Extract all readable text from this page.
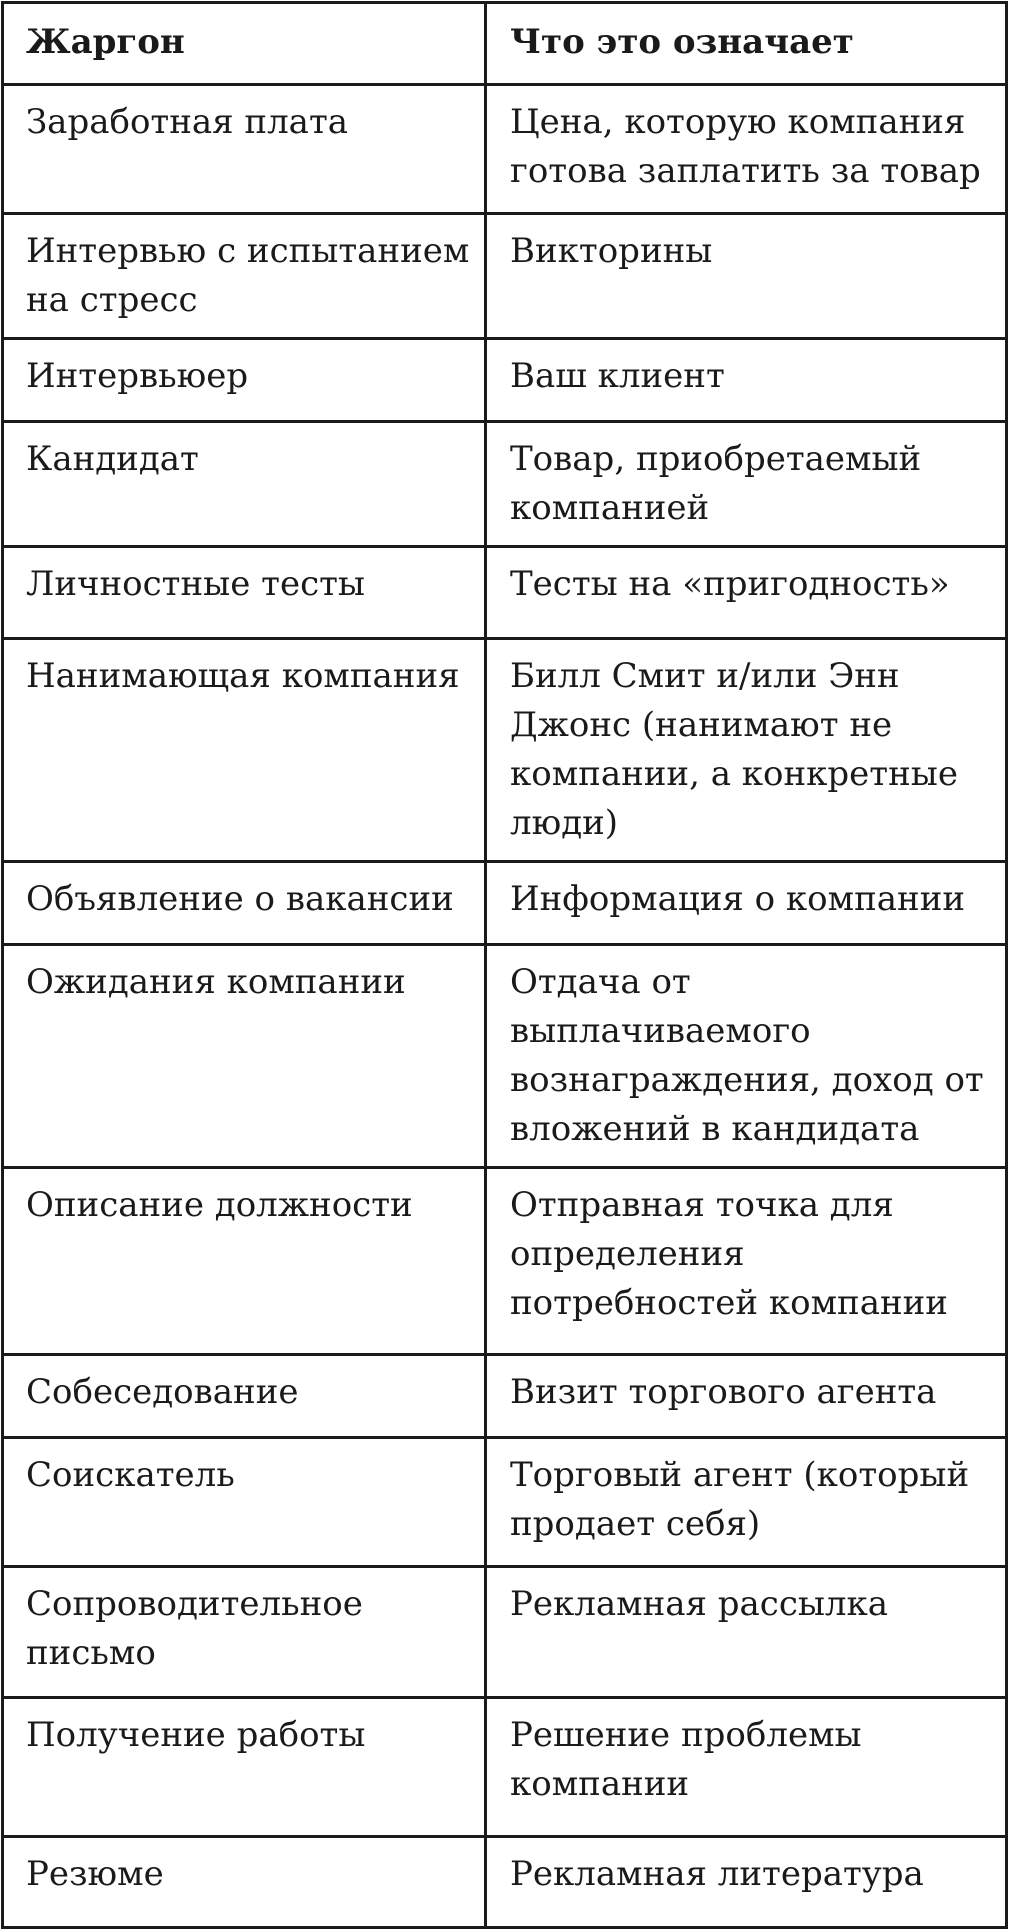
Жаргон	Что это означает
Заработная плата	Цена, которую компания готова заплатить за товар
Интервью с испытанием на стресс	Викторины
Интервьюер	Ваш клиент
Кандидат	Товар, приобретаемый компанией
Личностные тесты	Тесты на «пригодность»
Нанимающая компания	Билл Смит и/или Энн Джонс (нанимают не компании, а конкретные люди)
Объявление о вакансии	Информация о компании
Ожидания компании	Отдача от выплачиваемого вознаграждения, доход от вложений в кандидата
Описание должности	Отправная точка для определения потребностей компании
Собеседование	Визит торгового агента
Соискатель	Торговый агент (который продает себя)
Сопроводительное письмо	Рекламная рассылка
Получение работы	Решение проблемы компании
Резюме	Рекламная литература
